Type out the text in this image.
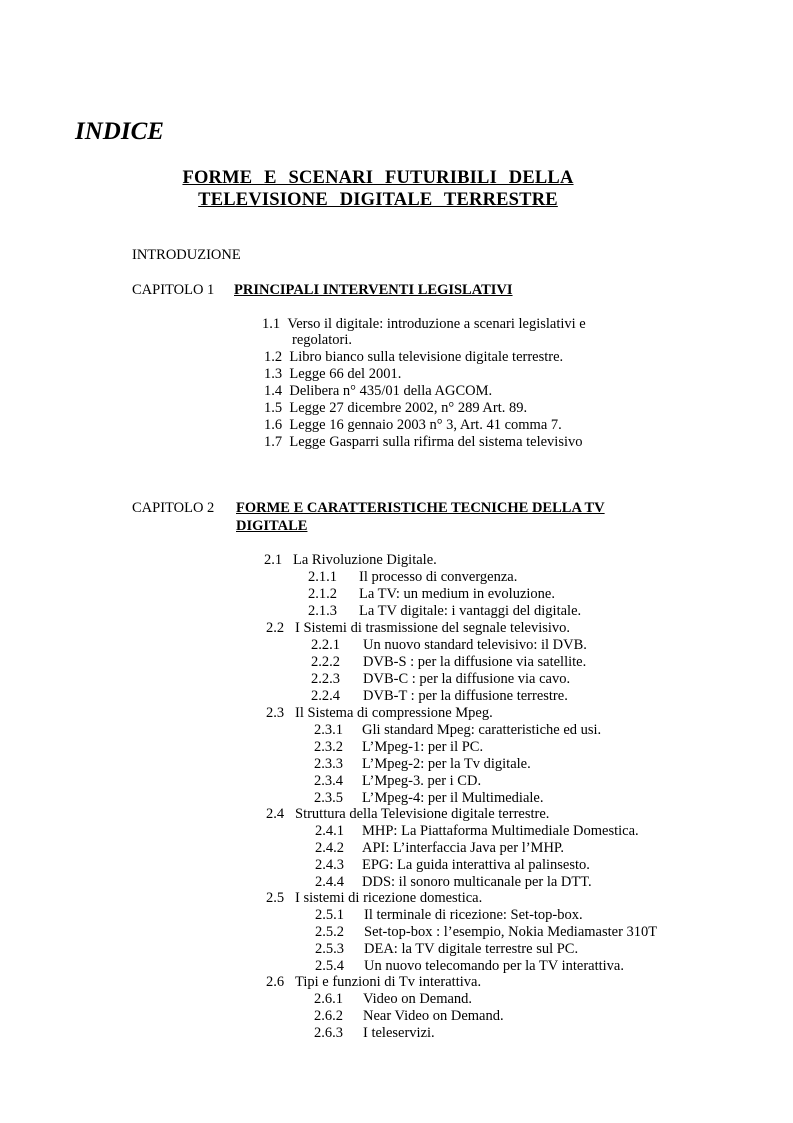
INDICE
FORME E SCENARI FUTURIBILI DELLA
TELEVISIONE DIGITALE TERRESTRE
INTRODUZIONE
CAPITOLO 1 PRINCIPALI INTERVENTI LEGISLATIVI
1.1 Verso il digitale: introduzione a scenari legislativi e
regolatori.
1.2 Libro bianco sulla televisione digitale terrestre.
1.3 Legge 66 del 2001.
1.4 Delibera n° 435/01 della AGCOM.
1.5 Legge 27 dicembre 2002, n° 289 Art. 89.
1.6 Legge 16 gennaio 2003 n° 3, Art. 41 comma 7.
1.7 Legge Gasparri sulla rifirma del sistema televisivo
CAPITOLO 2 FORME E CARATTERISTICHE TECNICHE DELLA TV
DIGITALE
2.1 La Rivoluzione Digitale.
2.1.1 Il processo di convergenza.
2.1.2 La TV: un medium in evoluzione.
2.1.3 La TV digitale: i vantaggi del digitale.
2.2 I Sistemi di trasmissione del segnale televisivo.
2.2.1 Un nuovo standard televisivo: il DVB.
2.2.2 DVB-S : per la diffusione via satellite.
2.2.3 DVB-C : per la diffusione via cavo.
2.2.4 DVB-T : per la diffusione terrestre.
2.3 Il Sistema di compressione Mpeg.
2.3.1 Gli standard Mpeg: caratteristiche ed usi.
2.3.2 L’Mpeg-1: per il PC.
2.3.3 L’Mpeg-2: per la Tv digitale.
2.3.4 L’Mpeg-3. per i CD.
2.3.5 L’Mpeg-4: per il Multimediale.
2.4 Struttura della Televisione digitale terrestre.
2.4.1 MHP: La Piattaforma Multimediale Domestica.
2.4.2 API: L’interfaccia Java per l’MHP.
2.4.3 EPG: La guida interattiva al palinsesto.
2.4.4 DDS: il sonoro multicanale per la DTT.
2.5 I sistemi di ricezione domestica.
2.5.1 Il terminale di ricezione: Set-top-box.
2.5.2 Set-top-box : l’esempio, Nokia Mediamaster 310T
2.5.3 DEA: la TV digitale terrestre sul PC.
2.5.4 Un nuovo telecomando per la TV interattiva.
2.6 Tipi e funzioni di Tv interattiva.
2.6.1 Video on Demand.
2.6.2 Near Video on Demand.
2.6.3 I teleservizi.
